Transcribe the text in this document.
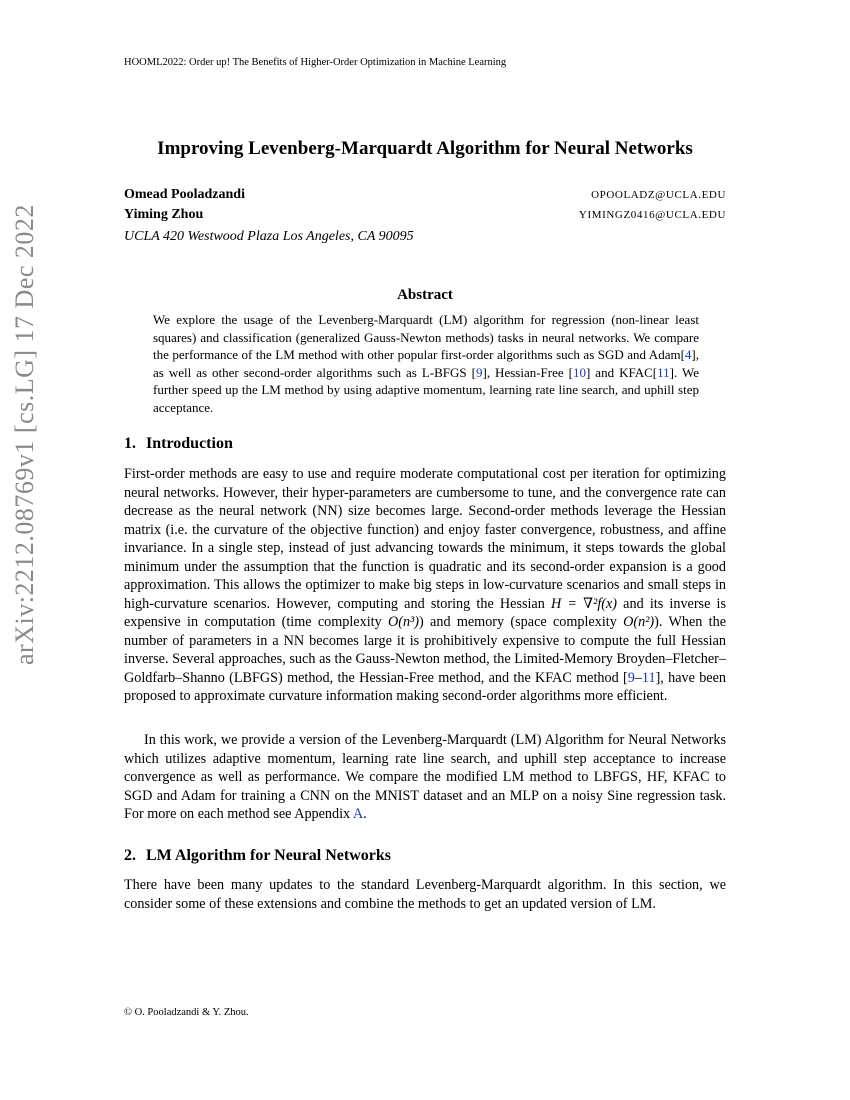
HOOML2022: Order up! The Benefits of Higher-Order Optimization in Machine Learning
arXiv:2212.08769v1 [cs.LG] 17 Dec 2022
Improving Levenberg-Marquardt Algorithm for Neural Networks
Omead Pooladzandi	OPOOLADZ@UCLA.EDU
Yiming Zhou	YIMINGZ0416@UCLA.EDU
UCLA 420 Westwood Plaza Los Angeles, CA 90095
Abstract
We explore the usage of the Levenberg-Marquardt (LM) algorithm for regression (non-linear least squares) and classification (generalized Gauss-Newton methods) tasks in neural networks. We compare the performance of the LM method with other popular first-order algorithms such as SGD and Adam[4], as well as other second-order algorithms such as L-BFGS [9], Hessian-Free [10] and KFAC[11]. We further speed up the LM method by using adaptive momentum, learning rate line search, and uphill step acceptance.
1. Introduction
First-order methods are easy to use and require moderate computational cost per iteration for optimizing neural networks. However, their hyper-parameters are cumbersome to tune, and the convergence rate can decrease as the neural network (NN) size becomes large. Second-order methods leverage the Hessian matrix (i.e. the curvature of the objective function) and enjoy faster convergence, robustness, and affine invariance. In a single step, instead of just advancing towards the minimum, it steps towards the global minimum under the assumption that the function is quadratic and its second-order expansion is a good approximation. This allows the optimizer to make big steps in low-curvature scenarios and small steps in high-curvature scenarios. However, computing and storing the Hessian H = ∇²f(x) and its inverse is expensive in computation (time complexity O(n³)) and memory (space complexity O(n²)). When the number of parameters in a NN becomes large it is prohibitively expensive to compute the full Hessian inverse. Several approaches, such as the Gauss-Newton method, the Limited-Memory Broyden–Fletcher–Goldfarb–Shanno (LBFGS) method, the Hessian-Free method, and the KFAC method [9–11], have been proposed to approximate curvature information making second-order algorithms more efficient.
In this work, we provide a version of the Levenberg-Marquardt (LM) Algorithm for Neural Networks which utilizes adaptive momentum, learning rate line search, and uphill step acceptance to increase convergence as well as performance. We compare the modified LM method to LBFGS, HF, KFAC to SGD and Adam for training a CNN on the MNIST dataset and an MLP on a noisy Sine regression task. For more on each method see Appendix A.
2. LM Algorithm for Neural Networks
There have been many updates to the standard Levenberg-Marquardt algorithm. In this section, we consider some of these extensions and combine the methods to get an updated version of LM.
© O. Pooladzandi & Y. Zhou.
